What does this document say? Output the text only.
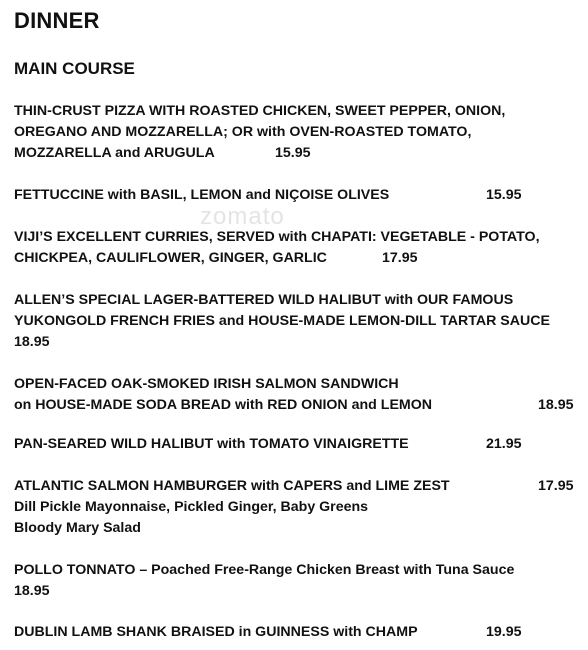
DINNER
MAIN COURSE
zomato
THIN-CRUST PIZZA WITH ROASTED CHICKEN, SWEET PEPPER, ONION,
OREGANO AND MOZZARELLA; OR with OVEN-ROASTED TOMATO,
MOZZARELLA and ARUGULA	15.95
FETTUCCINE with BASIL, LEMON and NIÇOISE OLIVES	15.95
VIJI’S EXCELLENT CURRIES, SERVED with CHAPATI: VEGETABLE - POTATO,
CHICKPEA, CAULIFLOWER, GINGER, GARLIC	17.95
ALLEN’S SPECIAL LAGER-BATTERED WILD HALIBUT with OUR FAMOUS
YUKONGOLD FRENCH FRIES and HOUSE-MADE LEMON-DILL TARTAR SAUCE
18.95
OPEN-FACED OAK-SMOKED IRISH SALMON SANDWICH
on HOUSE-MADE SODA BREAD with RED ONION and LEMON	18.95
PAN-SEARED WILD HALIBUT with TOMATO VINAIGRETTE	21.95
ATLANTIC SALMON HAMBURGER with CAPERS and LIME ZEST	17.95
Dill Pickle Mayonnaise, Pickled Ginger, Baby Greens
Bloody Mary Salad
POLLO TONNATO – Poached Free-Range Chicken Breast with Tuna Sauce
18.95
DUBLIN LAMB SHANK BRAISED in GUINNESS with CHAMP	19.95
